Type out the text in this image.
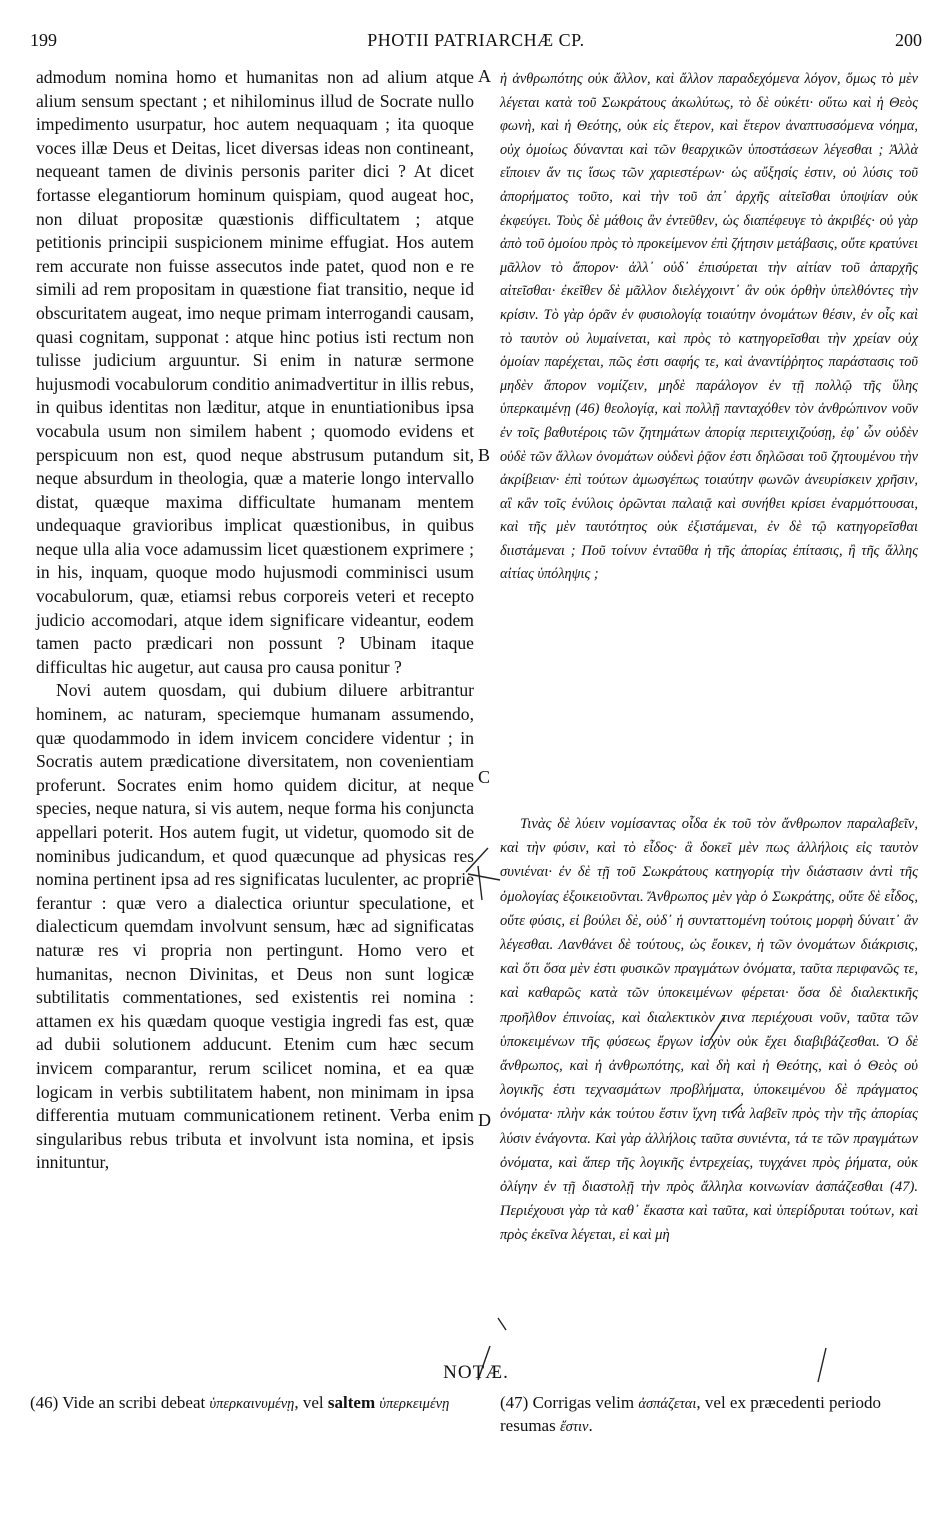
199	PHOTII PATRIARCHÆ CP.	200

admodum nomina homo et humanitas non ad alium atque alium sensum spectant ; et nihilominus illud de Socrate nullo impedimento usurpatur, hoc autem nequaquam ; ita quoque voces illæ Deus et Deitas, licet diversas ideas non contineant, nequeant tamen de divinis personis pariter dici ? At dicet fortasse elegantiorum hominum quispiam, quod augeat hoc, non diluat propositæ quæstionis difficultatem ; atque petitionis principii suspicionem minime effugiat. Hos autem rem accurate non fuisse assecutos inde patet, quod non e re simili ad rem propositam in quæstione fiat transitio, neque id obscuritatem augeat, imo neque primam interrogandi causam, quasi cognitam, supponat : atque hinc potius isti rectum non tulisse judicium arguuntur. Si enim in naturæ sermone hujusmodi vocabulorum conditio animadvertitur in illis rebus, in quibus identitas non læditur, atque in enuntiationibus ipsa vocabula usum non similem habent ; quomodo evidens et perspicuum non est, quod neque abstrusum putandum sit, neque absurdum in theologia, quæ a materie longo intervallo distat, quæque maxima difficultate humanam mentem undequaque gravioribus implicat quæstionibus, in quibus neque ulla alia voce adamussim licet quæstionem exprimere ; in his, inquam, quoque modo hujusmodi comminisci usum vocabulorum, quæ, etiamsi rebus corporeis veteri et recepto judicio accomodari, atque idem significare videantur, eodem tamen pacto prædicari non possunt ? Ubinam itaque difficultas hic augetur, aut causa pro causa ponitur ?

Novi autem quosdam, qui dubium diluere arbitrantur hominem, ac naturam, speciemque humanam assumendo, quæ quodammodo in idem invicem concidere videntur ; in Socratis autem prædicatione diversitatem, non covenientiam proferunt. Socrates enim homo quidem dicitur, at neque species, neque natura, si vis autem, neque forma his conjuncta appellari poterit. Hos autem fugit, ut videtur, quomodo sit de nominibus judicandum, et quod quæcunque ad physicas res nomina pertinent ipsa ad res significatas luculenter, ac proprie ferantur : quæ vero a dialectica oriuntur speculatione, et dialecticum quemdam involvunt sensum, hæc ad significatas naturæ res vi propria non pertingunt. Homo vero et humanitas, necnon Divinitas, et Deus non sunt logicæ subtilitatis commentationes, sed existentis rei nomina : attamen ex his quædam quoque vestigia ingredi fas est, quæ ad dubii solutionem adducunt. Etenim cum hæc secum invicem comparantur, rerum scilicet nomina, et ea quæ logicam in verbis subtilitatem habent, non minimam in ipsa differentia mutuam communicationem retinent. Verba enim singularibus rebus tributa et involvunt ista nomina, et ipsis innituntur,

A
B
C
D

ἡ ἀνθρωπότης οὐκ ἄλλον, καὶ ἄλλον παραδεχόμενα λόγον, ὅμως τὸ μὲν λέγεται κατὰ τοῦ Σωκράτους ἀκωλύτως, τὸ δὲ οὐκέτι· οὕτω καὶ ἡ Θεὸς φωνὴ, καὶ ἡ Θεότης, οὐκ εἰς ἕτερον, καὶ ἕτερον ἀναπτυσσόμενα νόημα, οὐχ ὁμοίως δύνανται καὶ τῶν θεαρχικῶν ὑποστάσεων λέγεσθαι ; Ἀλλὰ εἴποιεν ἄν τις ἴσως τῶν χαριεστέρων· ὡς αὔξησίς ἐστιν, οὐ λύσις τοῦ ἀπορήματος τοῦτο, καὶ τὴν τοῦ ἀπ᾽ ἀρχῆς αἰτεῖσθαι ὑποψίαν οὐκ ἐκφεύγει. Τοὺς δὲ μάθοις ἂν ἐντεῦθεν, ὡς διαπέφευγε τὸ ἀκριβές· οὐ γὰρ ἀπὸ τοῦ ὁμοίου πρὸς τὸ προκείμενον ἐπὶ ζήτησιν μετάβασις, οὔτε κρατύνει μᾶλλον τὸ ἄπορον· ἀλλ᾽ οὐδ᾽ ἐπισύρεται τὴν αἰτίαν τοῦ ἀπαρχῆς αἰτεῖσθαι· ἐκεῖθεν δὲ μᾶλλον διελέγχοιντ᾽ ἂν οὐκ ὀρθὴν ὑπελθόντες τὴν κρίσιν. Τὸ γὰρ ὁρᾶν ἐν φυσιολογίᾳ τοιαύτην ὀνομάτων θέσιν, ἐν οἷς καὶ τὸ ταυτὸν οὐ λυμαίνεται, καὶ πρὸς τὸ κατηγορεῖσθαι τὴν χρείαν οὐχ ὁμοίαν παρέχεται, πῶς ἐστι σαφής τε, καὶ ἀναντίῤῥητος παράστασις τοῦ μηδὲν ἄπορον νομίζειν, μηδὲ παράλογον ἐν τῇ πολλῷ τῆς ὕλης ὑπερκαιμένῃ (46) θεολογίᾳ, καὶ πολλῇ πανταχόθεν τὸν ἀνθρώπινον νοῦν ἐν τοῖς βαθυτέροις τῶν ζητημάτων ἀπορίᾳ περιτειχιζούσῃ, ἐφ᾽ ὧν οὐδὲν οὐδὲ τῶν ἄλλων ὀνομάτων οὐδενὶ ῥᾷον ἐστι δηλῶσαι τοῦ ζητουμένου τὴν ἀκρίβειαν· ἐπὶ τούτων ἀμωσγέπως τοιαύτην φωνῶν ἀνευρίσκειν χρῆσιν, αἳ κἂν τοῖς ἐνύλοις ὁρῶνται παλαιᾷ καὶ συνήθει κρίσει ἐναρμόττουσαι, καὶ τῆς μὲν ταυτότητος οὐκ ἐξιστάμεναι, ἐν δὲ τῷ κατηγορεῖσθαι διιστάμεναι ; Ποῦ τοίνυν ἐνταῦθα ἡ τῆς ἀπορίας ἐπίτασις, ἢ τῆς ἄλλης αἰτίας ὑπόληψις ;

Τινὰς δὲ λύειν νομίσαντας οἶδα ἐκ τοῦ τὸν ἄνθρωπον παραλαβεῖν, καὶ τὴν φύσιν, καὶ τὸ εἶδος· ἃ δοκεῖ μὲν πως ἀλλήλοις εἰς ταυτὸν συνιέναι· ἐν δὲ τῇ τοῦ Σωκράτους κατηγορίᾳ τὴν διάστασιν ἀντὶ τῆς ὁμολογίας ἐξοικειοῦνται. Ἄνθρωπος μὲν γὰρ ὁ Σωκράτης, οὔτε δὲ εἶδος, οὔτε φύσις, εἰ βούλει δὲ, οὐδ᾽ ἡ συνταττομένη τούτοις μορφὴ δύναιτ᾽ ἂν λέγεσθαι. Λανθάνει δὲ τούτους, ὡς ἔοικεν, ἡ τῶν ὀνομάτων διάκρισις, καὶ ὅτι ὅσα μὲν ἐστι φυσικῶν πραγμάτων ὀνόματα, ταῦτα περιφανῶς τε, καὶ καθαρῶς κατὰ τῶν ὑποκειμένων φέρεται· ὅσα δὲ διαλεκτικῆς προῆλθον ἐπινοίας, καὶ διαλεκτικὸν τινα περιέχουσι νοῦν, ταῦτα τῶν ὑποκειμένων τῆς φύσεως ἔργων ἰσχὺν οὐκ ἔχει διαβιβάζεσθαι. Ὁ δὲ ἄνθρωπος, καὶ ἡ ἀνθρωπότης, καὶ δὴ καὶ ἡ Θεότης, καὶ ὁ Θεὸς οὐ λογικῆς ἐστι τεχνασμάτων προβλήματα, ὑποκειμένου δὲ πράγματος ὀνόματα· πλὴν κἀκ τούτου ἔστιν ἴχνη τινὰ λαβεῖν πρὸς τὴν τῆς ἀπορίας λύσιν ἐνάγοντα. Καὶ γὰρ ἀλλήλοις ταῦτα συνιέντα, τά τε τῶν πραγμάτων ὀνόματα, καὶ ἅπερ τῆς λογικῆς ἐντρεχείας, τυγχάνει πρὸς ῥήματα, οὐκ ὀλίγην ἐν τῇ διαστολῇ τὴν πρὸς ἄλληλα κοινωνίαν ἀσπάζεσθαι (47). Περιέχουσι γὰρ τὰ καθ᾽ ἕκαστα καὶ ταῦτα, καὶ ὑπερίδρυται τούτων, καὶ πρὸς ἐκεῖνα λέγεται, εἰ καὶ μὴ

NOTÆ.
(46) Vide an scribi debeat ὑπερκαινυμένῃ, vel saltem ὑπερκειμένῃ	(47) Corrigas velim ἀσπάζεται, vel ex præcedenti periodo resumas ἔστιν.
